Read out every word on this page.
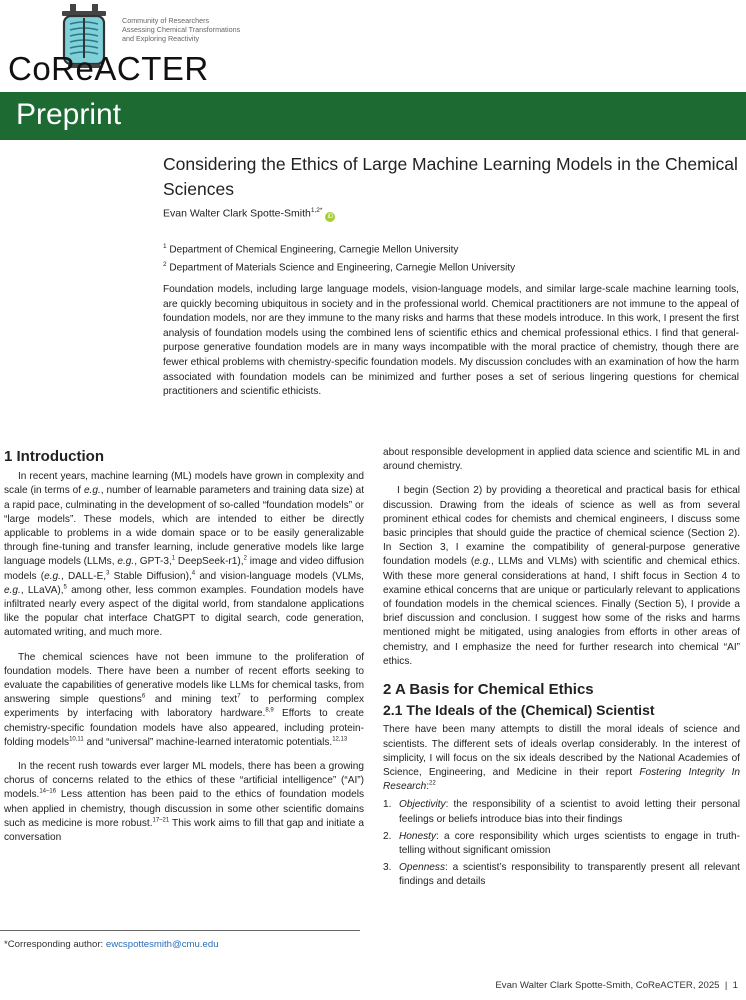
Community of Researchers
Assessing Chemical Transformations
and Exploring Reactivity
CoReACTER
Preprint
Considering the Ethics of Large Machine Learning Models in the Chemical Sciences
Evan Walter Clark Spotte-Smith$^{1,2*}$iD
$^1$ Department of Chemical Engineering, Carnegie Mellon University
$^2$ Department of Materials Science and Engineering, Carnegie Mellon University
Foundation models, including large language models, vision-language models, and similar large-scale machine learning tools, are quickly becoming ubiquitous in society and in the professional world. Chemical practitioners are not immune to the appeal of foundation models, nor are they immune to the many risks and harms that these models introduce. In this work, I present the first analysis of foundation models using the combined lens of scientific ethics and chemical professional ethics. I find that general-purpose generative foundation models are in many ways incompatible with the moral practice of chemistry, though there are fewer ethical problems with chemistry-specific foundation models. My discussion concludes with an examination of how the harm associated with foundation models can be minimized and further poses a set of serious lingering questions for chemical practitioners and scientific ethicists.
1 Introduction

In recent years, machine learning (ML) models have grown in complexity and scale (in terms of e.g., number of learnable parameters and training data size) at a rapid pace, culminating in the development of so-called “foundation models” or “large models”. These models, which are intended to either be directly applicable to problems in a wide domain space or to be easily generalizable through fine-tuning and transfer learning, include generative models like large language models (LLMs, e.g., GPT-3,$^1$ DeepSeek-r1),$^2$ image and video diffusion models (e.g., DALL-E,$^3$ Stable Diffusion),$^4$ and vision-language models (VLMs, e.g., LLaVA),$^5$ among other, less common examples. Foundation models have infiltrated nearly every aspect of the digital world, from standalone applications like the popular chat interface ChatGPT to digital search, code generation, automated writing, and much more.

The chemical sciences have not been immune to the proliferation of foundation models. There have been a number of recent efforts seeking to evaluate the capabilities of generative models like LLMs for chemical tasks, from answering simple questions$^6$ and mining text$^7$ to performing complex experiments by interfacing with laboratory hardware.$^{8,9}$ Efforts to create chemistry-specific foundation models have also appeared, including protein-folding models$^{10,11}$ and “universal” machine-learned interatomic potentials.$^{12,13}$

In the recent rush towards ever larger ML models, there has been a growing chorus of concerns related to the ethics of these “artificial intelligence” (“AI”) models.$^{14-16}$ Less attention has been paid to the ethics of foundation models when applied in chemistry, though discussion in some other scientific domains such as medicine is more robust.$^{17-21}$ This work aims to fill that gap and initiate a conversation

about responsible development in applied data science and scientific ML in and around chemistry.

I begin (Section 2) by providing a theoretical and practical basis for ethical discussion. Drawing from the ideals of science as well as from several prominent ethical codes for chemists and chemical engineers, I discuss some basic principles that should guide the practice of chemical science (Section 2). In Section 3, I examine the compatibility of general-purpose generative foundation models (e.g., LLMs and VLMs) with scientific and chemical ethics. With these more general considerations at hand, I shift focus in Section 4 to examine ethical concerns that are unique or particularly relevant to applications of foundation models in the chemical sciences. Finally (Section 5), I provide a brief discussion and conclusion. I suggest how some of the risks and harms mentioned might be mitigated, using analogies from efforts in other areas of chemistry, and I emphasize the need for further research into chemical “AI” ethics.

2 A Basis for Chemical Ethics
2.1 The Ideals of the (Chemical) Scientist

There have been many attempts to distill the moral ideals of science and scientists. The different sets of ideals overlap considerably. In the interest of simplicity, I will focus on the six ideals described by the National Academies of Science, Engineering, and Medicine in their report Fostering Integrity In Research:$^{22}$

1. Objectivity: the responsibility of a scientist to avoid letting their personal feelings or beliefs introduce bias into their findings
2. Honesty: a core responsibility which urges scientists to engage in truth-telling without significant omission
3. Openness: a scientist’s responsibility to transparently present all relevant findings and details
*Corresponding author: ewcspottesmith@cmu.edu
Evan Walter Clark Spotte-Smith, CoReACTER, 2025  |  1
